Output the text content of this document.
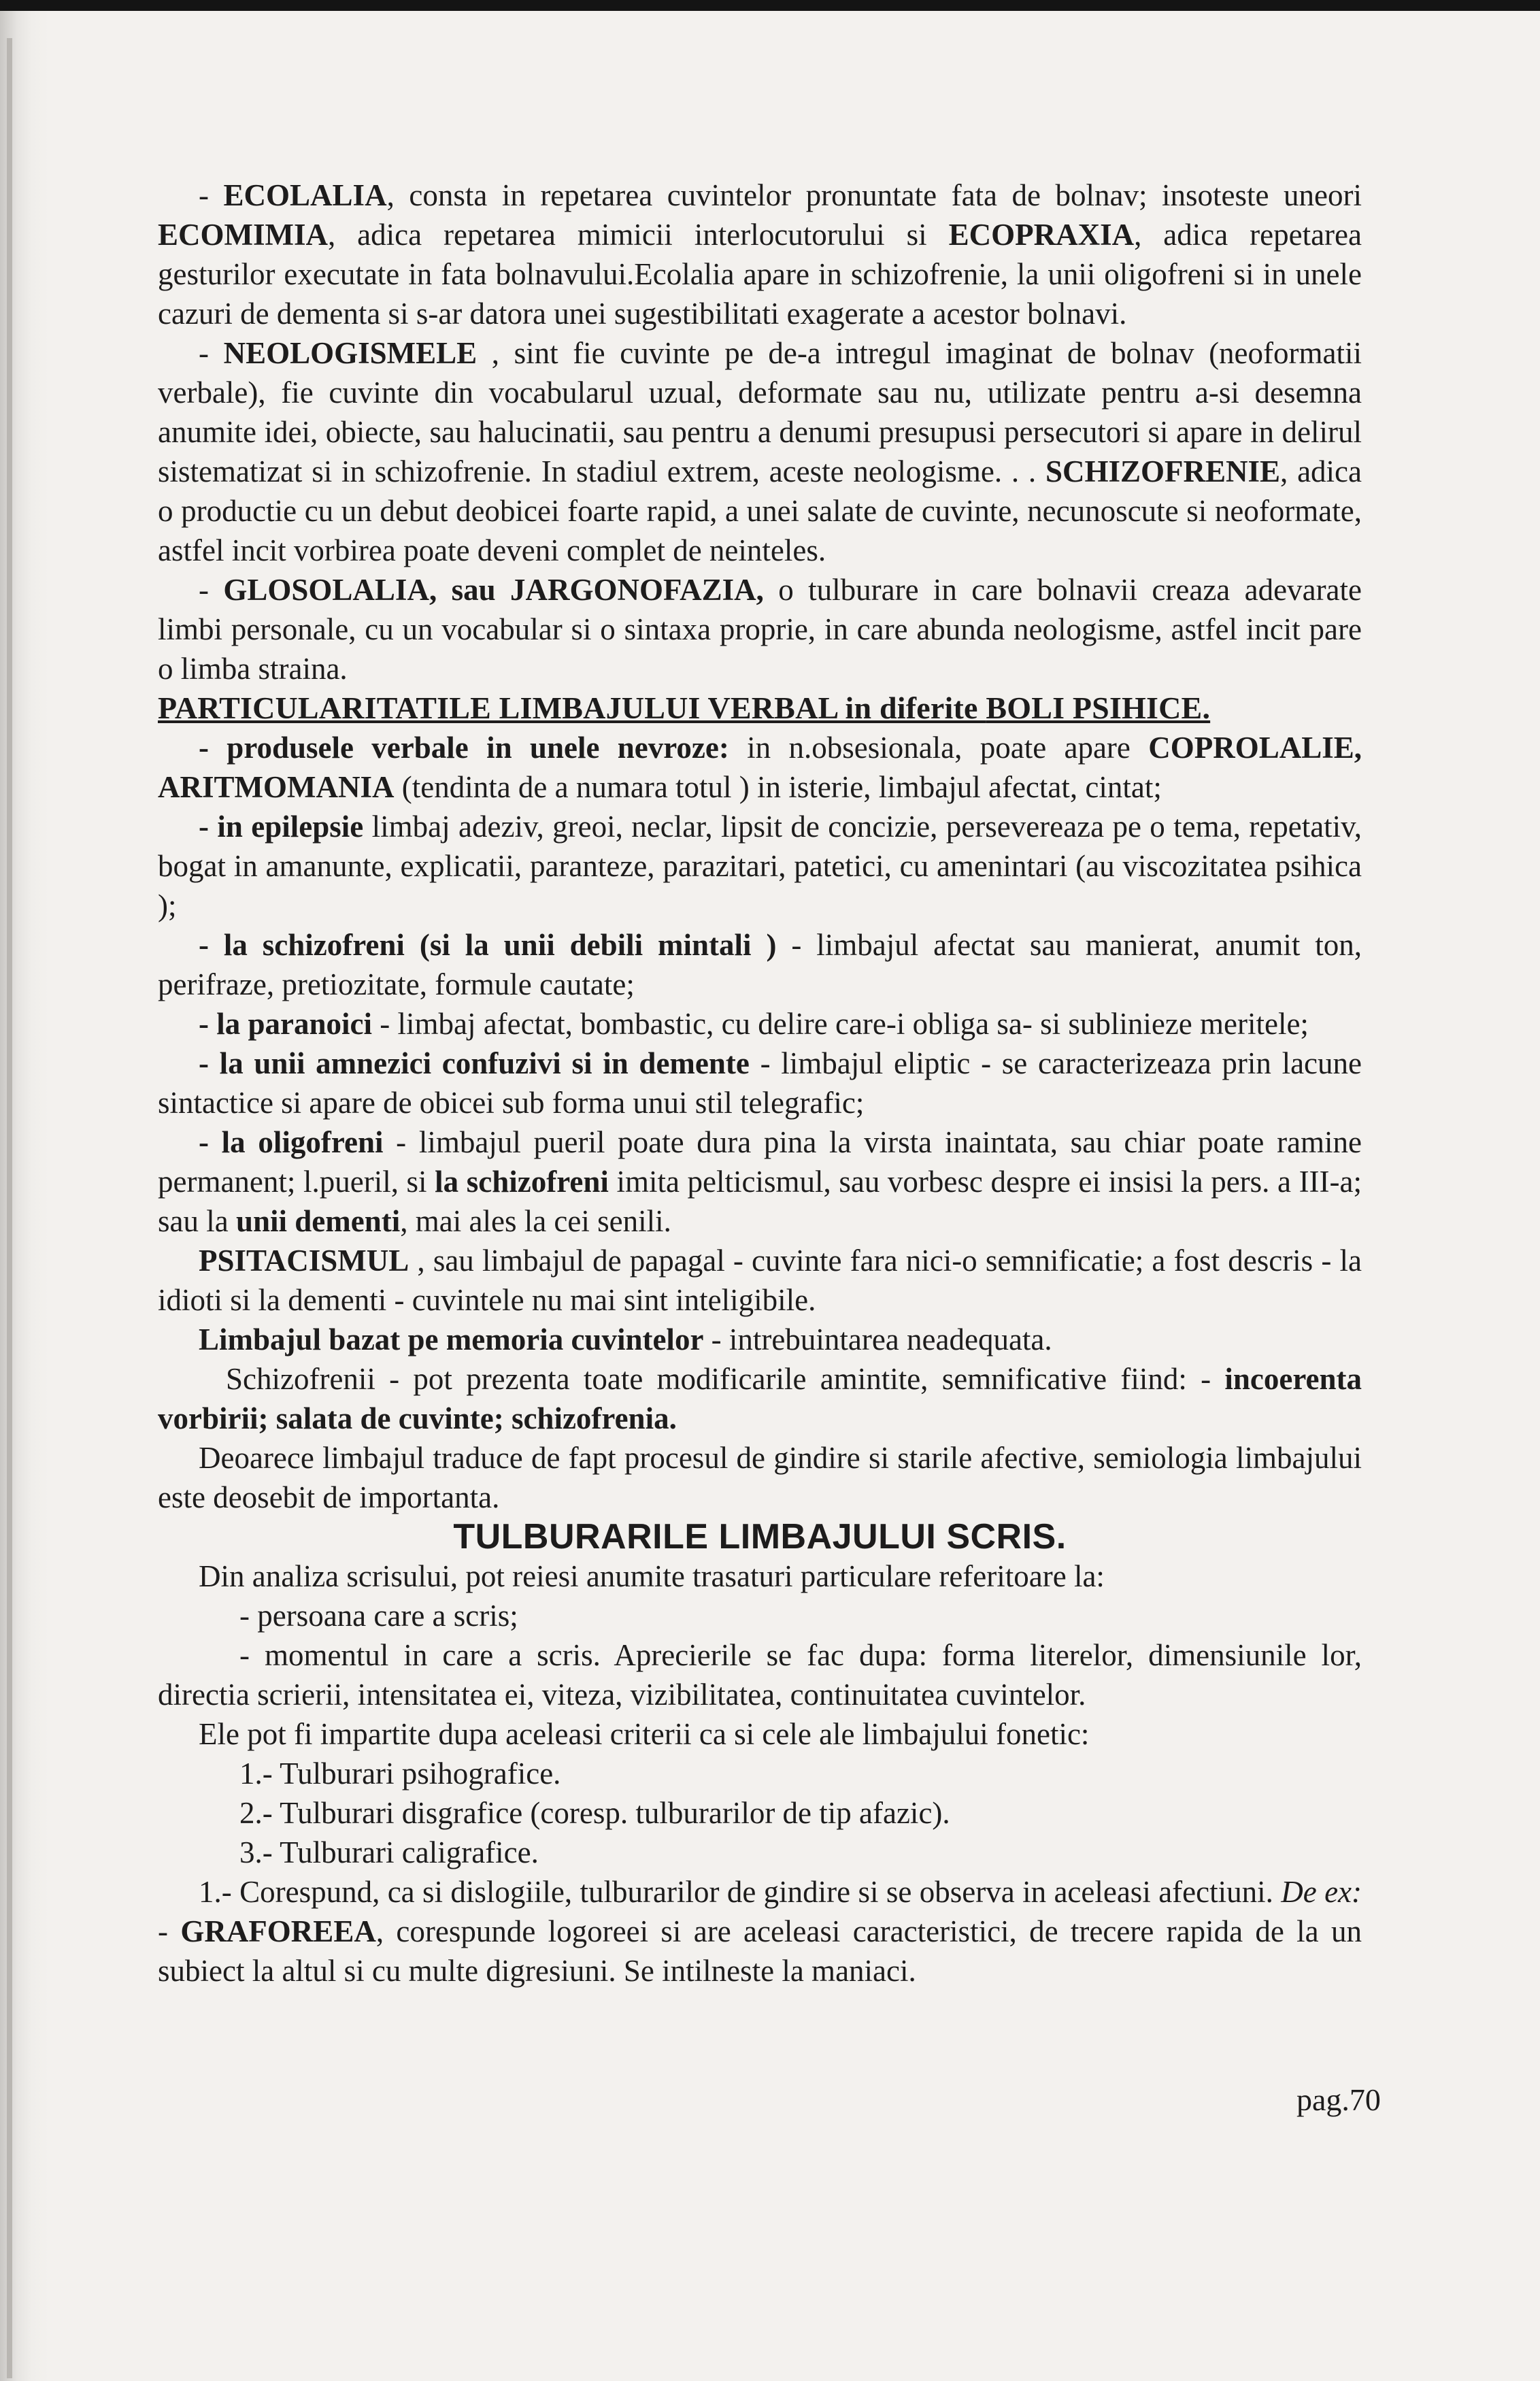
- ECOLALIA, consta in repetarea cuvintelor pronuntate fata de bolnav; insoteste uneori ECOMIMIA, adica repetarea mimicii interlocutorului si ECOPRAXIA, adica repetarea gesturilor executate in fata bolnavului.Ecolalia apare in schizofrenie, la unii oligofreni si in unele cazuri de dementa si s-ar datora unei sugestibilitati exagerate a acestor bolnavi.

- NEOLOGISMELE , sint fie cuvinte pe de-a intregul imaginat de bolnav (neoformatii verbale), fie cuvinte din vocabularul uzual, deformate sau nu, utilizate pentru a-si desemna anumite idei, obiecte, sau halucinatii, sau pentru a denumi presupusi persecutori si apare in delirul sistematizat si in schizofrenie. In stadiul extrem, aceste neologisme. . . SCHIZOFRENIE, adica o productie cu un debut deobicei foarte rapid, a unei salate de cuvinte, necunoscute si neoformate, astfel incit vorbirea poate deveni complet de neinteles.

- GLOSOLALIA, sau JARGONOFAZIA, o tulburare in care bolnavii creaza adevarate limbi personale, cu un vocabular si o sintaxa proprie, in care abunda neologisme, astfel incit pare o limba straina.

PARTICULARITATILE LIMBAJULUI VERBAL in diferite BOLI PSIHICE.

- produsele verbale in unele nevroze: in n.obsesionala, poate apare COPROLALIE, ARITMOMANIA (tendinta de a numara totul ) in isterie, limbajul afectat, cintat;

- in epilepsie limbaj adeziv, greoi, neclar, lipsit de concizie, persevereaza pe o tema, repetativ, bogat in amanunte, explicatii, paranteze, parazitari, patetici, cu amenintari (au viscozitatea psihica );

- la schizofreni (si la unii debili mintali ) - limbajul afectat sau manierat, anumit ton, perifraze, pretiozitate, formule cautate;

- la paranoici - limbaj afectat, bombastic, cu delire care-i obliga sa- si sublinieze meritele;

- la unii amnezici confuzivi si in demente - limbajul eliptic - se caracterizeaza prin lacune sintactice si apare de obicei sub forma unui stil telegrafic;

- la oligofreni - limbajul pueril poate dura pina la virsta inaintata, sau chiar poate ramine permanent; l.pueril, si la schizofreni imita pelticismul, sau vorbesc despre ei insisi la pers. a III-a; sau la unii dementi, mai ales la cei senili.

PSITACISMUL , sau limbajul de papagal - cuvinte fara nici-o semnificatie; a fost descris - la idioti si la dementi - cuvintele nu mai sint inteligibile.

Limbajul bazat pe memoria cuvintelor - intrebuintarea neadequata.

Schizofrenii - pot prezenta toate modificarile amintite, semnificative fiind: - incoerenta vorbirii; salata de cuvinte; schizofrenia.

Deoarece limbajul traduce de fapt procesul de gindire si starile afective, semiologia limbajului este deosebit de importanta.

TULBURARILE LIMBAJULUI SCRIS.

Din analiza scrisului, pot reiesi anumite trasaturi particulare referitoare la:

- persoana care a scris;

- momentul in care a scris. Aprecierile se fac dupa: forma literelor, dimensiunile lor, directia scrierii, intensitatea ei, viteza, vizibilitatea, continuitatea cuvintelor.

Ele pot fi impartite dupa aceleasi criterii ca si cele ale limbajului fonetic:

1.- Tulburari psihografice.

2.- Tulburari disgrafice (coresp. tulburarilor de tip afazic).

3.- Tulburari caligrafice.

1.- Corespund, ca si dislogiile, tulburarilor de gindire si se observa in aceleasi afectiuni. De ex: - GRAFOREEA, corespunde logoreei si are aceleasi caracteristici, de trecere rapida de la un subiect la altul si cu multe digresiuni. Se intilneste la maniaci.

pag.70
